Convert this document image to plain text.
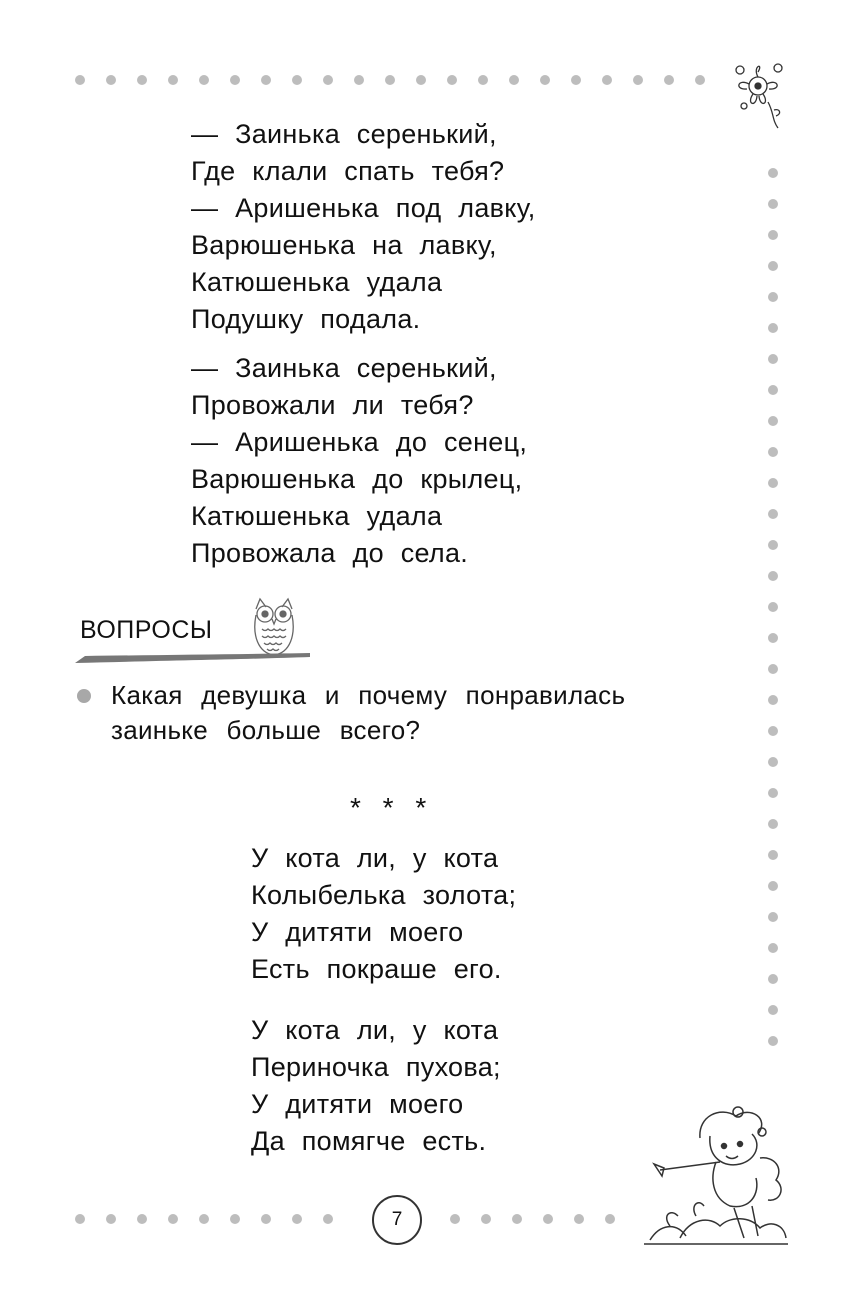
— Заинька серенький,
Где клали спать тебя?
— Аришенька под лавку,
Варюшенька на лавку,
Катюшенька удала
Подушку подала.
— Заинька серенький,
Провожали ли тебя?
— Аришенька до сенец,
Варюшенька до крылец,
Катюшенька удала
Провожала до села.
ВОПРОСЫ
Какая девушка и почему понравилась заиньке больше всего?
* * *
У кота ли, у кота
Колыбелька золота;
У дитяти моего
Есть покраше его.
У кота ли, у кота
Периночка пухова;
У дитяти моего
Да помягче есть.
7
